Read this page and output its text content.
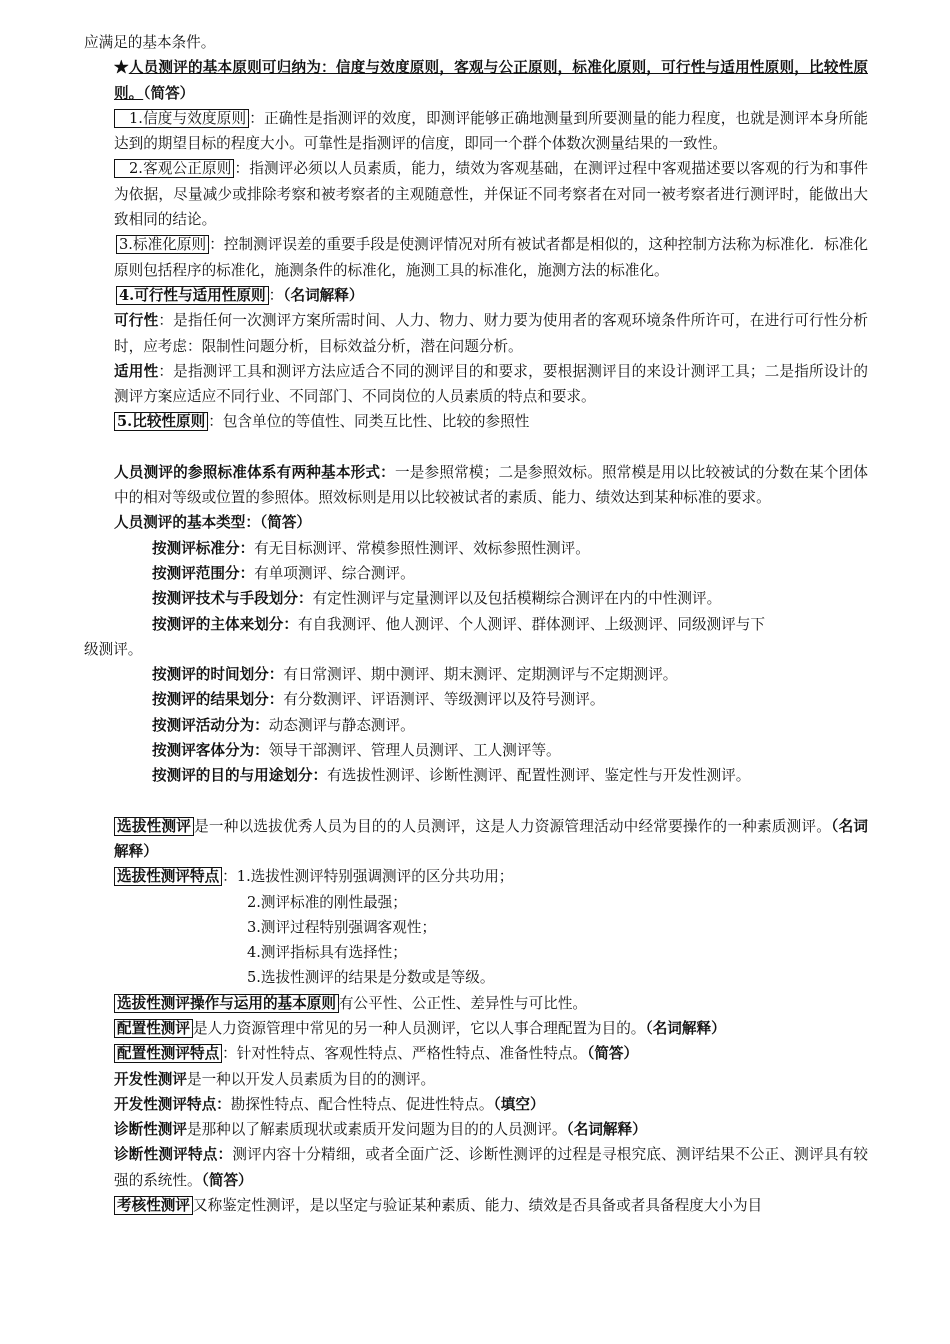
应满足的基本条件。
★人员测评的基本原则可归纳为：信度与效度原则，客观与公正原则，标准化原则，可行性与适用性原则，比较性原则。（简答）
1.信度与效度原则 ：正确性是指测评的效度，即测评能够正确地测量到所要测量的能力程度，也就是测评本身所能达到的期望目标的程度大小。可靠性是指测评的信度，即同一个群个体数次测量结果的一致性。
2.客观公正原则 ：指测评必须以人员素质，能力，绩效为客观基础，在测评过程中客观描述要以客观的行为和事件为依据，尽量减少或排除考察和被考察者的主观随意性，并保证不同考察者在对同一被考察者进行测评时，能做出大致相同的结论。
3.标准化原则 ：控制测评误差的重要手段是使测评情况对所有被试者都是相似的，这种控制方法称为标准化．标准化原则包括程序的标准化，施测条件的标准化，施测工具的标准化，施测方法的标准化。
4.可行性与适用性原则 ：（名词解释）
可行性：是指任何一次测评方案所需时间、人力、物力、财力要为使用者的客观环境条件所许可，在进行可行性分析时，应考虑：限制性问题分析，目标效益分析，潜在问题分析。
适用性：是指测评工具和测评方法应适合不同的测评目的和要求，要根据测评目的来设计测评工具；二是指所设计的测评方案应适应不同行业、不同部门、不同岗位的人员素质的特点和要求。
5.比较性原则 ：包含单位的等值性、同类互比性、比较的参照性
人员测评的参照标准体系有两种基本形式：一是参照常模；二是参照效标。照常模是用以比较被试的分数在某个团体中的相对等级或位置的参照体。照效标则是用以比较被试者的素质、能力、绩效达到某种标准的要求。
人员测评的基本类型：（简答）
按测评标准分：有无目标测评、常模参照性测评、效标参照性测评。
按测评范围分：有单项测评、综合测评。
按测评技术与手段划分：有定性测评与定量测评以及包括模糊综合测评在内的中性测评。
按测评的主体来划分：有自我测评、他人测评、个人测评、群体测评、上级测评、同级测评与下
级测评。
按测评的时间划分：有日常测评、期中测评、期末测评、定期测评与不定期测评。
按测评的结果划分：有分数测评、评语测评、等级测评以及符号测评。
按测评活动分为：动态测评与静态测评。
按测评客体分为：领导干部测评、管理人员测评、工人测评等。
按测评的目的与用途划分：有选拔性测评、诊断性测评、配置性测评、鉴定性与开发性测评。
选拔性测评 是一种以选拔优秀人员为目的的人员测评，这是人力资源管理活动中经常要操作的一种素质测评。（名词解释）
选拔性测评特点 ：1.选拔性测评特别强调测评的区分共功用；
2.测评标准的刚性最强；
3.测评过程特别强调客观性；
4.测评指标具有选择性；
5.选拔性测评的结果是分数或是等级。
选拔性测评操作与运用的基本原则 有公平性、公正性、差异性与可比性。
配置性测评 是人力资源管理中常见的另一种人员测评，它以人事合理配置为目的。（名词解释）
配置性测评特点 ：针对性特点、客观性特点、严格性特点、准备性特点。（简答）
开发性测评是一种以开发人员素质为目的的测评。
开发性测评特点：勘探性特点、配合性特点、促进性特点。（填空）
诊断性测评是那种以了解素质现状或素质开发问题为目的的人员测评。（名词解释）
诊断性测评特点：测评内容十分精细，或者全面广泛、诊断性测评的过程是寻根究底、测评结果不公正、测评具有较强的系统性。（简答）
考核性测评 又称鉴定性测评，是以坚定与验证某种素质、能力、绩效是否具备或者具备程度大小为目
